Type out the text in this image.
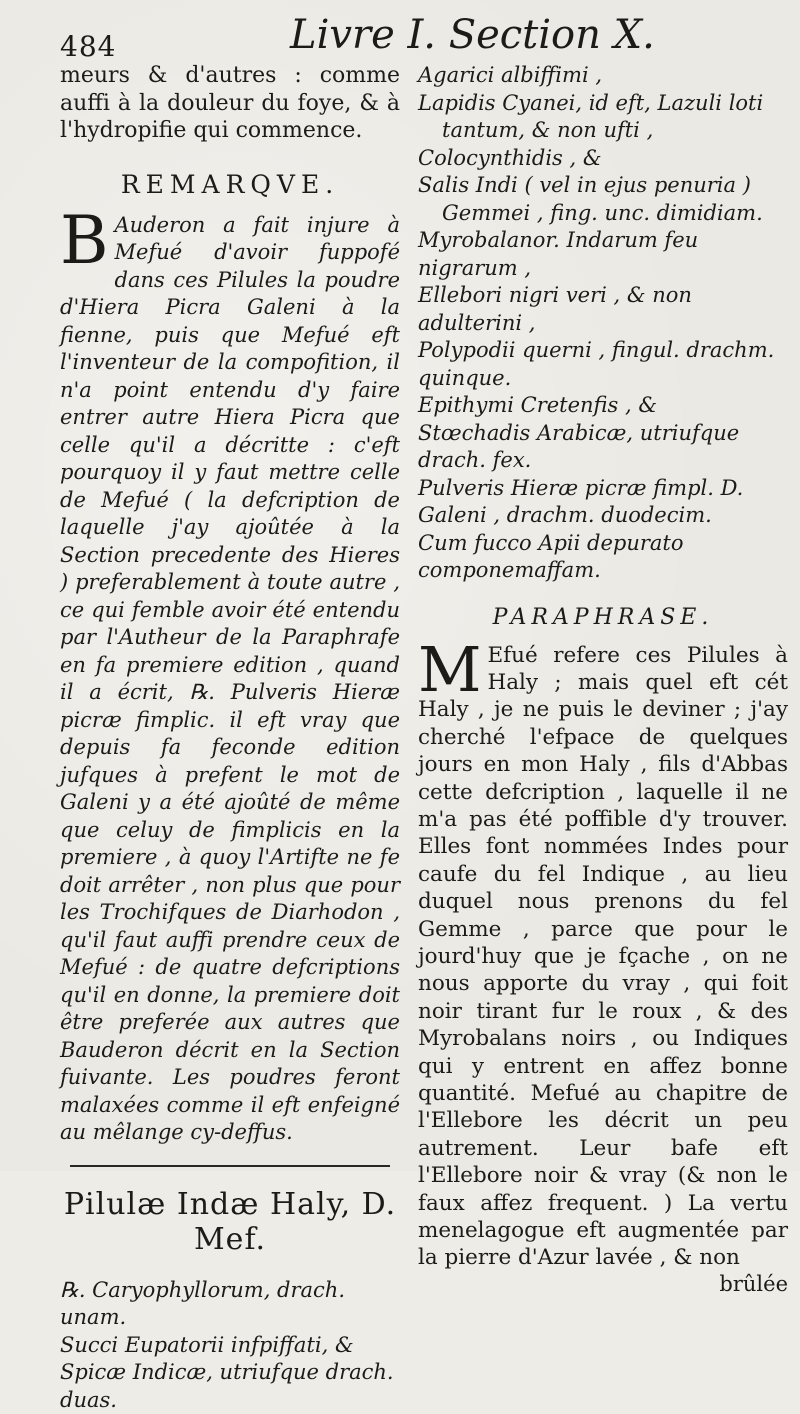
484	Livre I. Section X.
meurs & d'autres : comme auffi à la douleur du foye, & à l'hydropifie qui commence.
REMARQVE.
B Auderon a fait injure à Mefué d'avoir fuppofé dans ces Pilules la poudre d'Hiera Picra Galeni à la fienne, puis que Mefué eft l'inventeur de la compofition, il n'a point entendu d'y faire entrer autre Hiera Picra que celle qu'il a décritte : c'eft pourquoy il y faut mettre celle de Mefué ( la defcription de laquelle j'ay ajoûtée à la Section precedente des Hieres ) preferablement à toute autre , ce qui femble avoir été entendu par l'Autheur de la Paraphrafe en fa premiere edition , quand il a écrit, ℞. Pulveris Hieræ picræ fimplic. il eft vray que depuis fa feconde edition jufques à prefent le mot de Galeni y a été ajoûté de même que celuy de fimplicis en la premiere , à quoy l'Artifte ne fe doit arrêter , non plus que pour les Trochifques de Diarhodon , qu'il faut auffi prendre ceux de Mefué : de quatre defcriptions qu'il en donne, la premiere doit être preferée aux autres que Bauderon décrit en la Section fuivante. Les poudres feront malaxées comme il eft enfeigné au mêlange cy-deffus.
Pilulæ Indæ Haly, D. Mef.

℞. Caryophyllorum, drach. unam.

Succi Eupatorii infpiffati, &

Spicæ Indicæ, utriufque drach. duas.

Agarici albiffimi ,

Lapidis Cyanei, id eft, Lazuli loti

tantum, & non ufti ,

Colocynthidis , &

Salis Indi ( vel in ejus penuria )

Gemmei , fing. unc. dimidiam.

Myrobalanor. Indarum feu nigrarum ,

Ellebori nigri veri , & non adulterini ,

Polypodii querni , fingul. drachm. quinque.

Epithymi Cretenfis , &

Stœchadis Arabicæ, utriufque drach. fex.

Pulveris Hieræ picræ fimpl. D. Galeni , drachm. duodecim.

Cum fucco Apii depurato componemaffam.

PARAPHRASE.
M Efué refere ces Pilules à Haly ; mais quel eft cét Haly , je ne puis le deviner ; j'ay cherché l'efpace de quelques jours en mon Haly , fils d'Abbas cette defcription , laquelle il ne m'a pas été poffible d'y trouver. Elles font nommées Indes pour caufe du fel Indique , au lieu duquel nous prenons du fel Gemme , parce que pour le jourd'huy que je fçache , on ne nous apporte du vray , qui foit noir tirant fur le roux , & des Myrobalans noirs , ou Indiques qui y entrent en affez bonne quantité. Mefué au chapitre de l'Ellebore les décrit un peu autrement. Leur bafe eft l'Ellebore noir & vray (& non le faux affez frequent. ) La vertu menelagogue eft augmentée par la pierre d'Azur lavée , & non
brûlée
